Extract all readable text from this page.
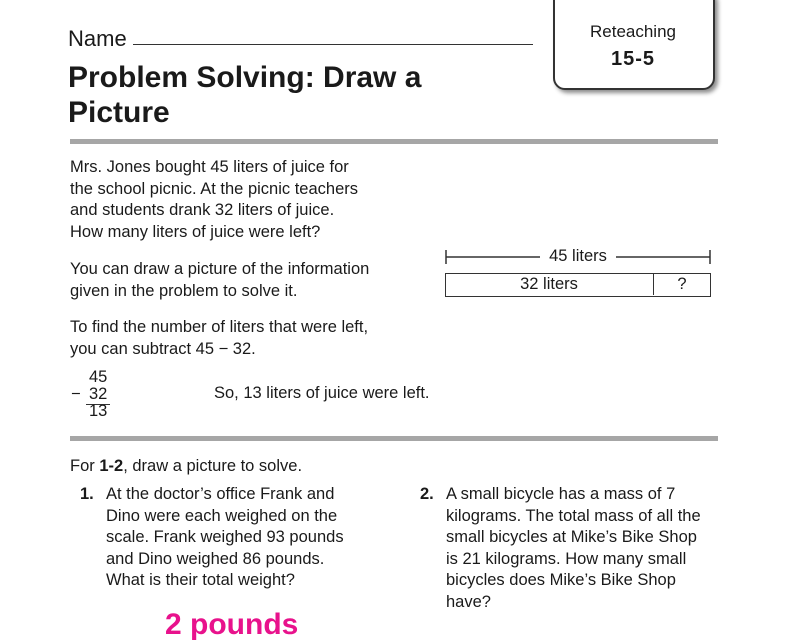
Name	Reteaching
15-5
Problem Solving: Draw a
Picture
Mrs. Jones bought 45 liters of juice for
the school picnic. At the picnic teachers
and students drank 32 liters of juice.
How many liters of juice were left?
You can draw a picture of the information
given in the problem to solve it.
To find the number of liters that were left,
you can subtract 45 − 32.
45 liters
32 liters	?
45
− 32
13
So, 13 liters of juice were left.
For 1-2, draw a picture to solve.
1. At the doctor’s office Frank and
Dino were each weighed on the
scale. Frank weighed 93 pounds
and Dino weighed 86 pounds.
What is their total weight?
2 pounds
2. A small bicycle has a mass of 7
kilograms. The total mass of all the
small bicycles at Mike’s Bike Shop
is 21 kilograms. How many small
bicycles does Mike’s Bike Shop
have?
